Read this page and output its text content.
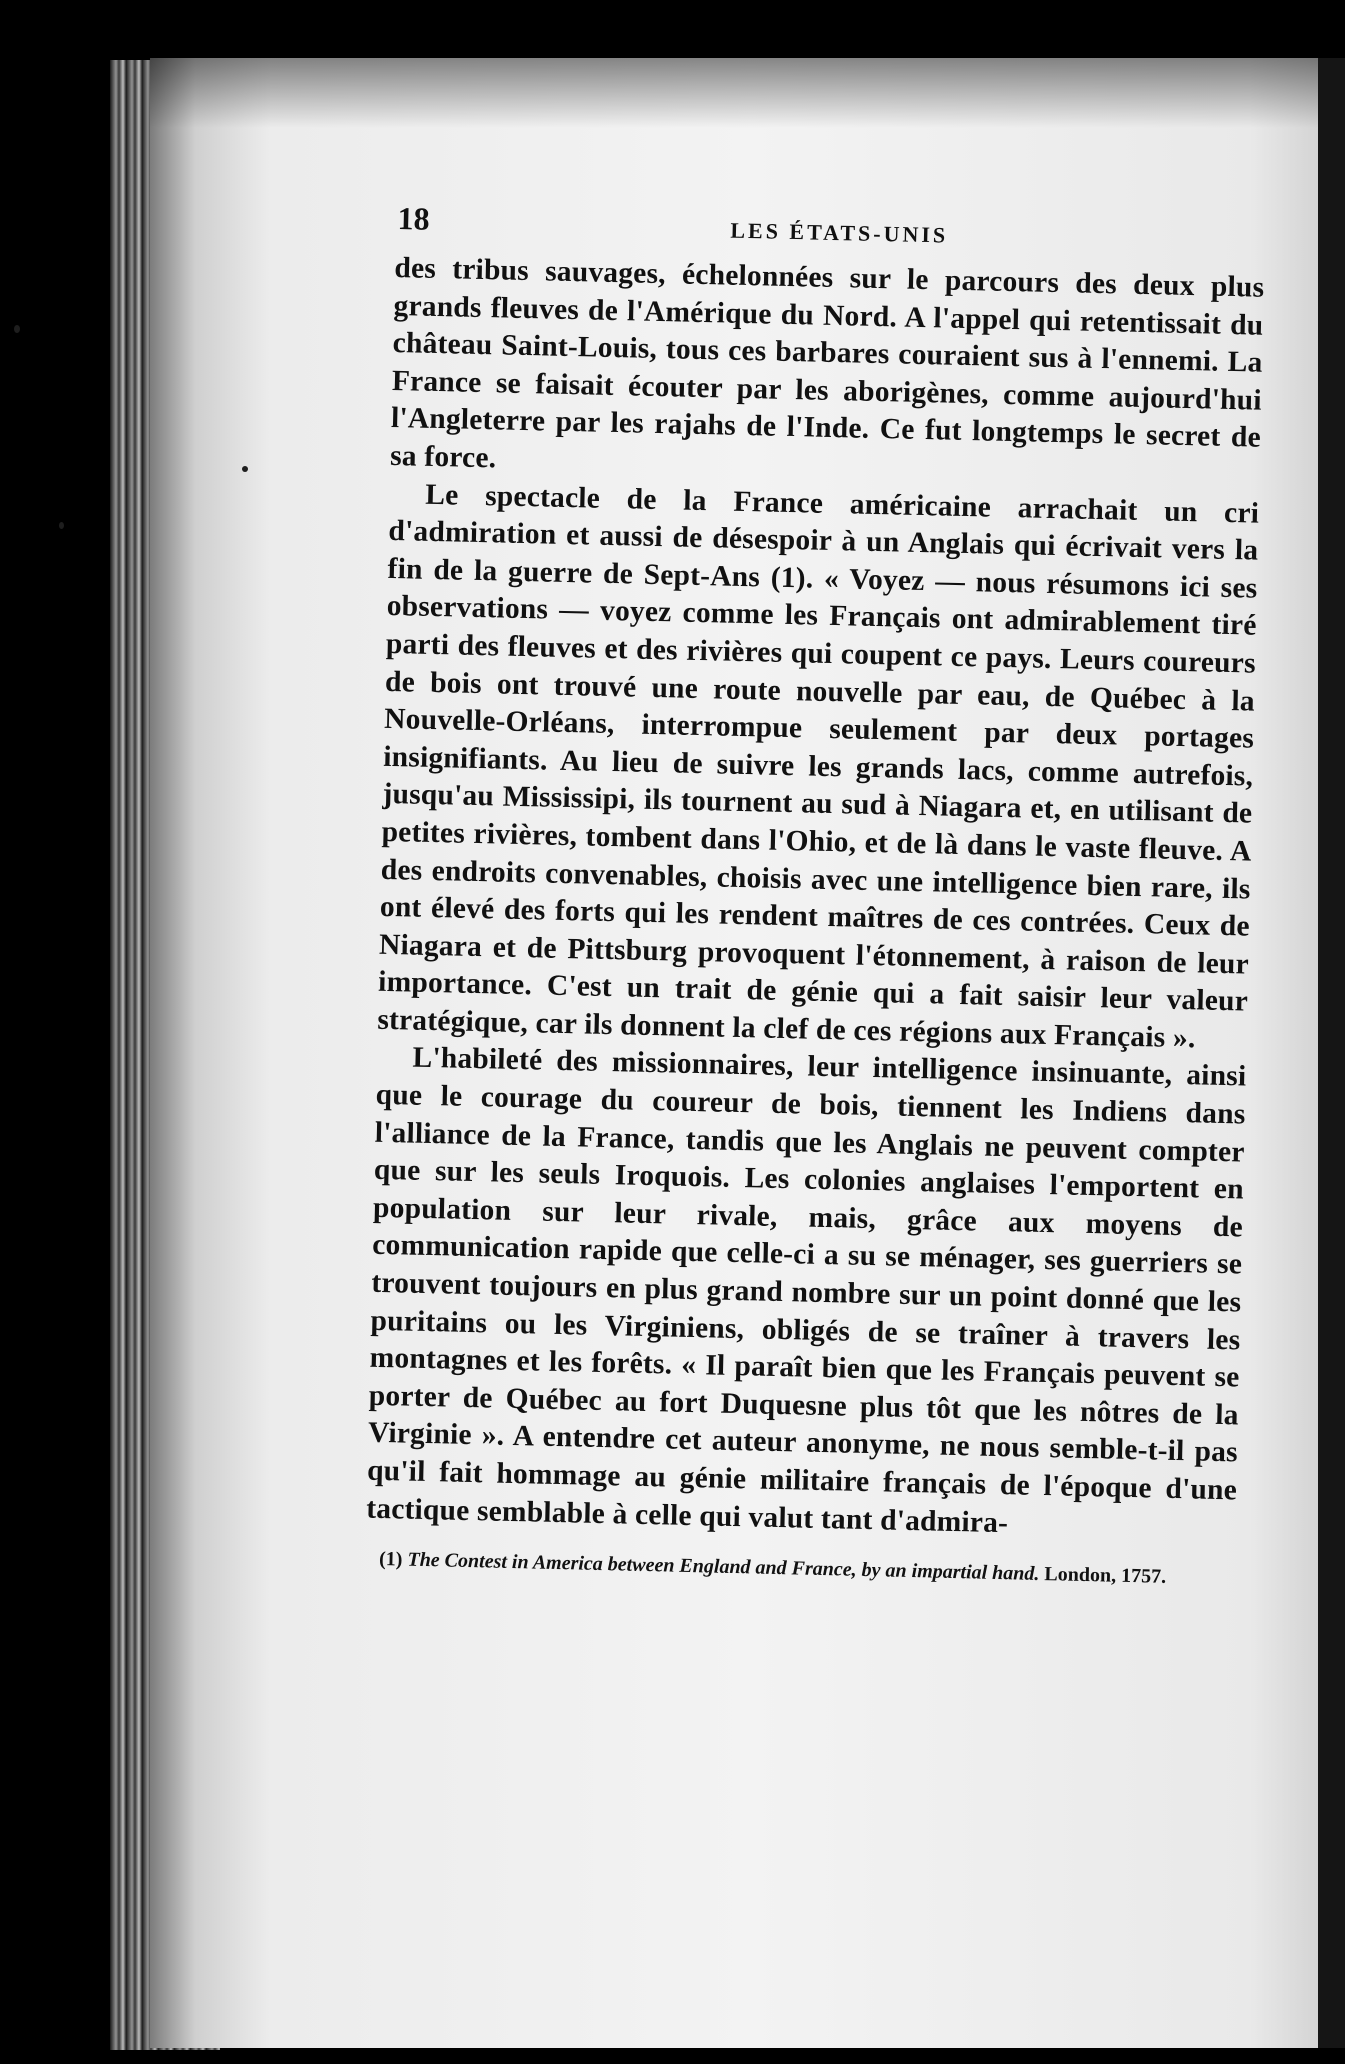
18	LES ÉTATS-UNIS

des tribus sauvages, échelonnées sur le parcours des deux plus grands fleuves de l'Amérique du Nord. A l'appel qui retentissait du château Saint-Louis, tous ces barbares couraient sus à l'ennemi. La France se faisait écouter par les aborigènes, comme aujourd'hui l'Angleterre par les rajahs de l'Inde. Ce fut longtemps le secret de sa force.

Le spectacle de la France américaine arrachait un cri d'admiration et aussi de désespoir à un Anglais qui écrivait vers la fin de la guerre de Sept-Ans (1). « Voyez — nous résumons ici ses observations — voyez comme les Français ont admirablement tiré parti des fleuves et des rivières qui coupent ce pays. Leurs coureurs de bois ont trouvé une route nouvelle par eau, de Québec à la Nouvelle-Orléans, interrompue seulement par deux portages insignifiants. Au lieu de suivre les grands lacs, comme autrefois, jusqu'au Mississipi, ils tournent au sud à Niagara et, en utilisant de petites rivières, tombent dans l'Ohio, et de là dans le vaste fleuve. A des endroits convenables, choisis avec une intelligence bien rare, ils ont élevé des forts qui les rendent maîtres de ces contrées. Ceux de Niagara et de Pittsburg provoquent l'étonnement, à raison de leur importance. C'est un trait de génie qui a fait saisir leur valeur stratégique, car ils donnent la clef de ces régions aux Français ».

L'habileté des missionnaires, leur intelligence insinuante, ainsi que le courage du coureur de bois, tiennent les Indiens dans l'alliance de la France, tandis que les Anglais ne peuvent compter que sur les seuls Iroquois. Les colonies anglaises l'emportent en population sur leur rivale, mais, grâce aux moyens de communication rapide que celle-ci a su se ménager, ses guerriers se trouvent toujours en plus grand nombre sur un point donné que les puritains ou les Virginiens, obligés de se traîner à travers les montagnes et les forêts. « Il paraît bien que les Français peuvent se porter de Québec au fort Duquesne plus tôt que les nôtres de la Virginie ». A entendre cet auteur anonyme, ne nous semble-t-il pas qu'il fait hommage au génie militaire français de l'époque d'une tactique semblable à celle qui valut tant d'admira-

(1) The Contest in America between England and France, by an impartial hand. London, 1757.
